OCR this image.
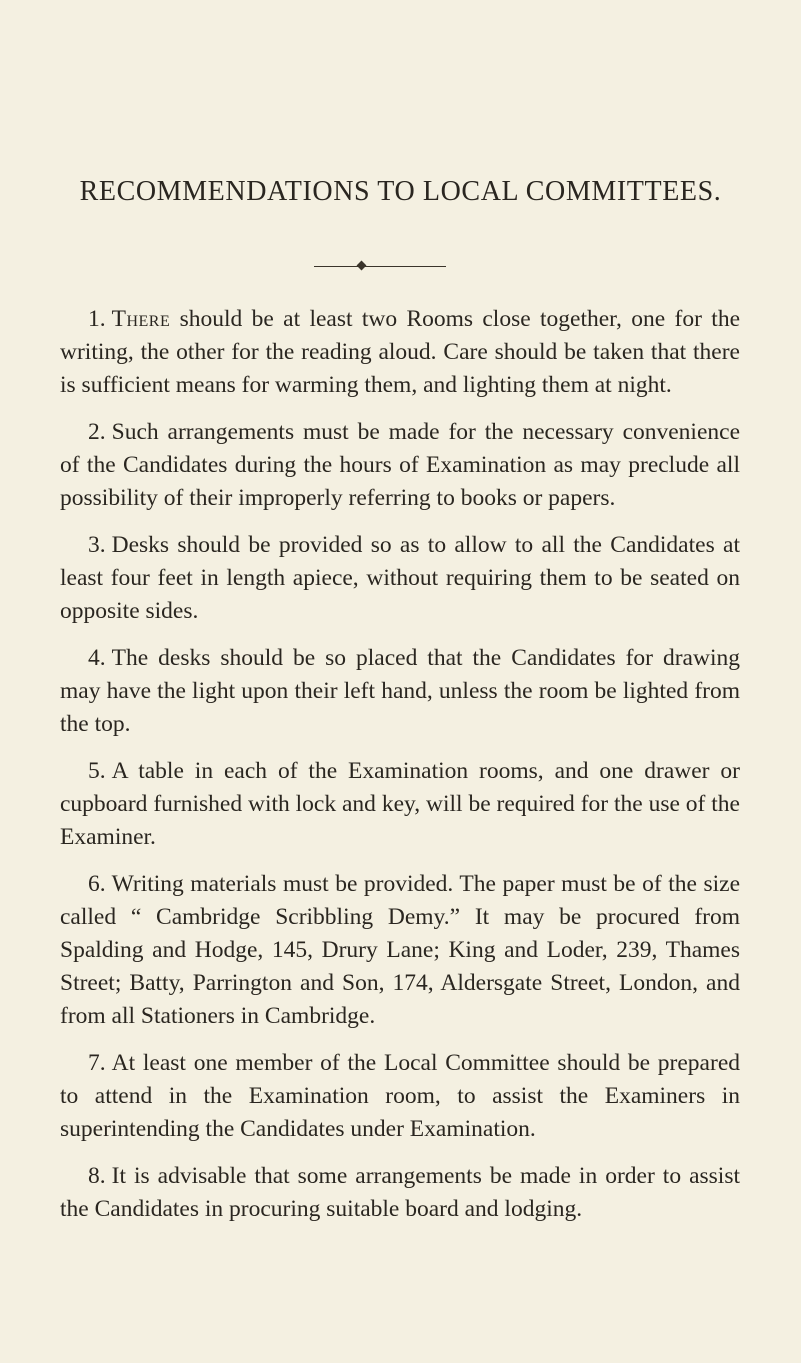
RECOMMENDATIONS TO LOCAL COMMITTEES.

1. There should be at least two Rooms close together, one for the writing, the other for the reading aloud. Care should be taken that there is sufficient means for warming them, and lighting them at night.

2. Such arrangements must be made for the necessary convenience of the Candidates during the hours of Examination as may preclude all possibility of their improperly referring to books or papers.

3. Desks should be provided so as to allow to all the Candidates at least four feet in length apiece, without requiring them to be seated on opposite sides.

4. The desks should be so placed that the Candidates for drawing may have the light upon their left hand, unless the room be lighted from the top.

5. A table in each of the Examination rooms, and one drawer or cupboard furnished with lock and key, will be required for the use of the Examiner.

6. Writing materials must be provided. The paper must be of the size called “ Cambridge Scribbling Demy.” It may be procured from Spalding and Hodge, 145, Drury Lane; King and Loder, 239, Thames Street; Batty, Parrington and Son, 174, Aldersgate Street, London, and from all Stationers in Cambridge.

7. At least one member of the Local Committee should be prepared to attend in the Examination room, to assist the Examiners in superintending the Candidates under Examination.

8. It is advisable that some arrangements be made in order to assist the Candidates in procuring suitable board and lodging.
